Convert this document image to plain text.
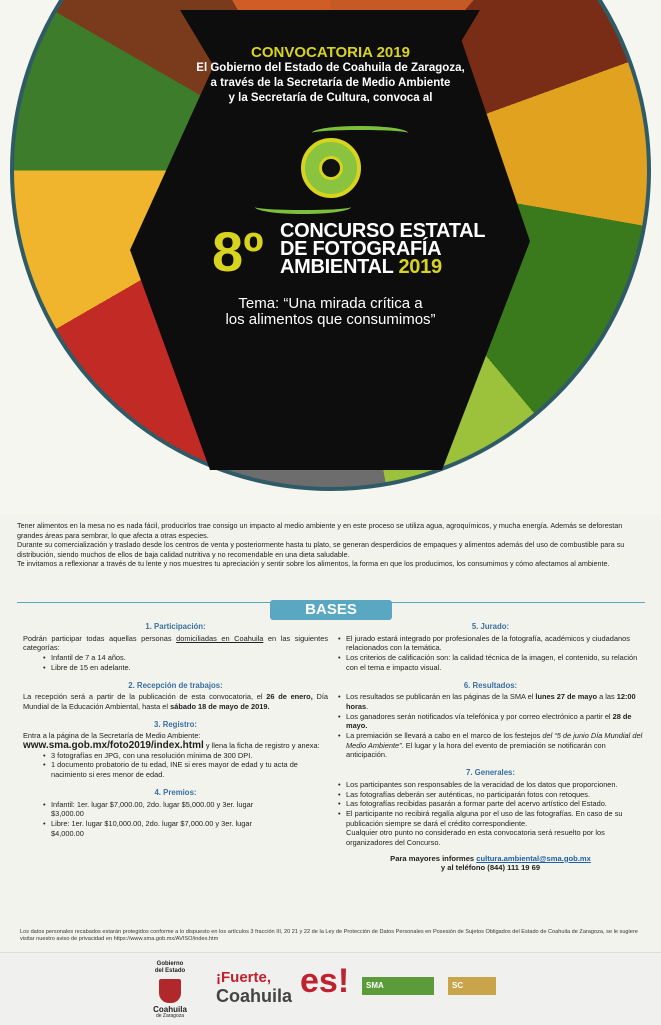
CONVOCATORIA 2019
El Gobierno del Estado de Coahuila de Zaragoza,
a través de la Secretaría de Medio Ambiente
y la Secretaría de Cultura, convoca al
8º CONCURSO ESTATAL
DE FOTOGRAFÍA
AMBIENTAL 2019
Tema: “Una mirada crítica a
los alimentos que consumimos”

Tener alimentos en la mesa no es nada fácil, producirlos trae consigo un impacto al medio ambiente y en este proceso se utiliza agua, agroquímicos, y mucha energía. Además se deforestan grandes áreas para sembrar, lo que afecta a otras especies.

Durante su comercialización y traslado desde los centros de venta y posteriormente hasta tu plato, se generan desperdicios de empaques y alimentos además del uso de combustible para su distribución, siendo muchos de ellos de baja calidad nutritiva y no recomendable en una dieta saludable.

Te invitamos a reflexionar a través de tu lente y nos muestres tu apreciación y sentir sobre los alimentos, la forma en que los producimos, los consumimos y cómo afectamos al ambiente.

BASES
1. Participación:
Podrán participar todas aquellas personas domiciliadas en Coahuila en las siguientes categorías:
• Infantil de 7 a 14 años.
• Libre de 15 en adelante.
2. Recepción de trabajos:
La recepción será a partir de la publicación de esta convocatoria, el 26 de enero, Día Mundial de la Educación Ambiental, hasta el sábado 18 de mayo de 2019.
3. Registro:
Entra a la página de la Secretaría de Medio Ambiente:
www.sma.gob.mx/foto2019/index.html y llena la ficha de registro y anexa:
• 3 fotografías en JPG, con una resolución mínima de 300 DPI.
• 1 documento probatorio de tu edad, INE si eres mayor de edad y tu acta de nacimiento si eres menor de edad.
4. Premios:
• Infantil: 1er. lugar $7,000.00, 2do. lugar $5,000.00 y 3er. lugar $3,000.00
• Libre: 1er. lugar $10,000.00, 2do. lugar $7,000.00 y 3er. lugar $4,000.00
5. Jurado:
• El jurado estará integrado por profesionales de la fotografía, académicos y ciudadanos relacionados con la temática.
• Los criterios de calificación son: la calidad técnica de la imagen, el contenido, su relación con el tema e impacto visual.
6. Resultados:
• Los resultados se publicarán en las páginas de la SMA el lunes 27 de mayo a las 12:00 horas.
• Los ganadores serán notificados vía telefónica y por correo electrónico a partir el 28 de mayo.
• La premiación se llevará a cabo en el marco de los festejos del “5 de junio Día Mundial del Medio Ambiente”. El lugar y la hora del evento de premiación se notificarán con anticipación.
7. Generales:
• Los participantes son responsables de la veracidad de los datos que proporcionen.
• Las fotografías deberán ser auténticas, no participarán fotos con retoques.
• Las fotografías recibidas pasarán a formar parte del acervo artístico del Estado.
• El participante no recibirá regalía alguna por el uso de las fotografías. En caso de su publicación siempre se dará el crédito correspondiente.
Cualquier otro punto no considerado en esta convocatoria será resuelto por los organizadores del Concurso.
Para mayores informes cultura.ambiental@sma.gob.mx
y al teléfono (844) 111 19 69
Los datos personales recabados estarán protegidos conforme a lo dispuesto en los artículos 3 fracción III, 20 21 y 22 de la Ley de Protección de Datos Personales en Posesión de Sujetos Obligados del Estado de Coahuila de Zaragoza, se le sugiere visitar nuestro aviso de privacidad en https://www.sma.gob.mx/AVISO/index.htm
Gobierno
del Estado
Coahuila
de Zaragoza
¡Fuerte,
Coahuila es!	SMA	SC
